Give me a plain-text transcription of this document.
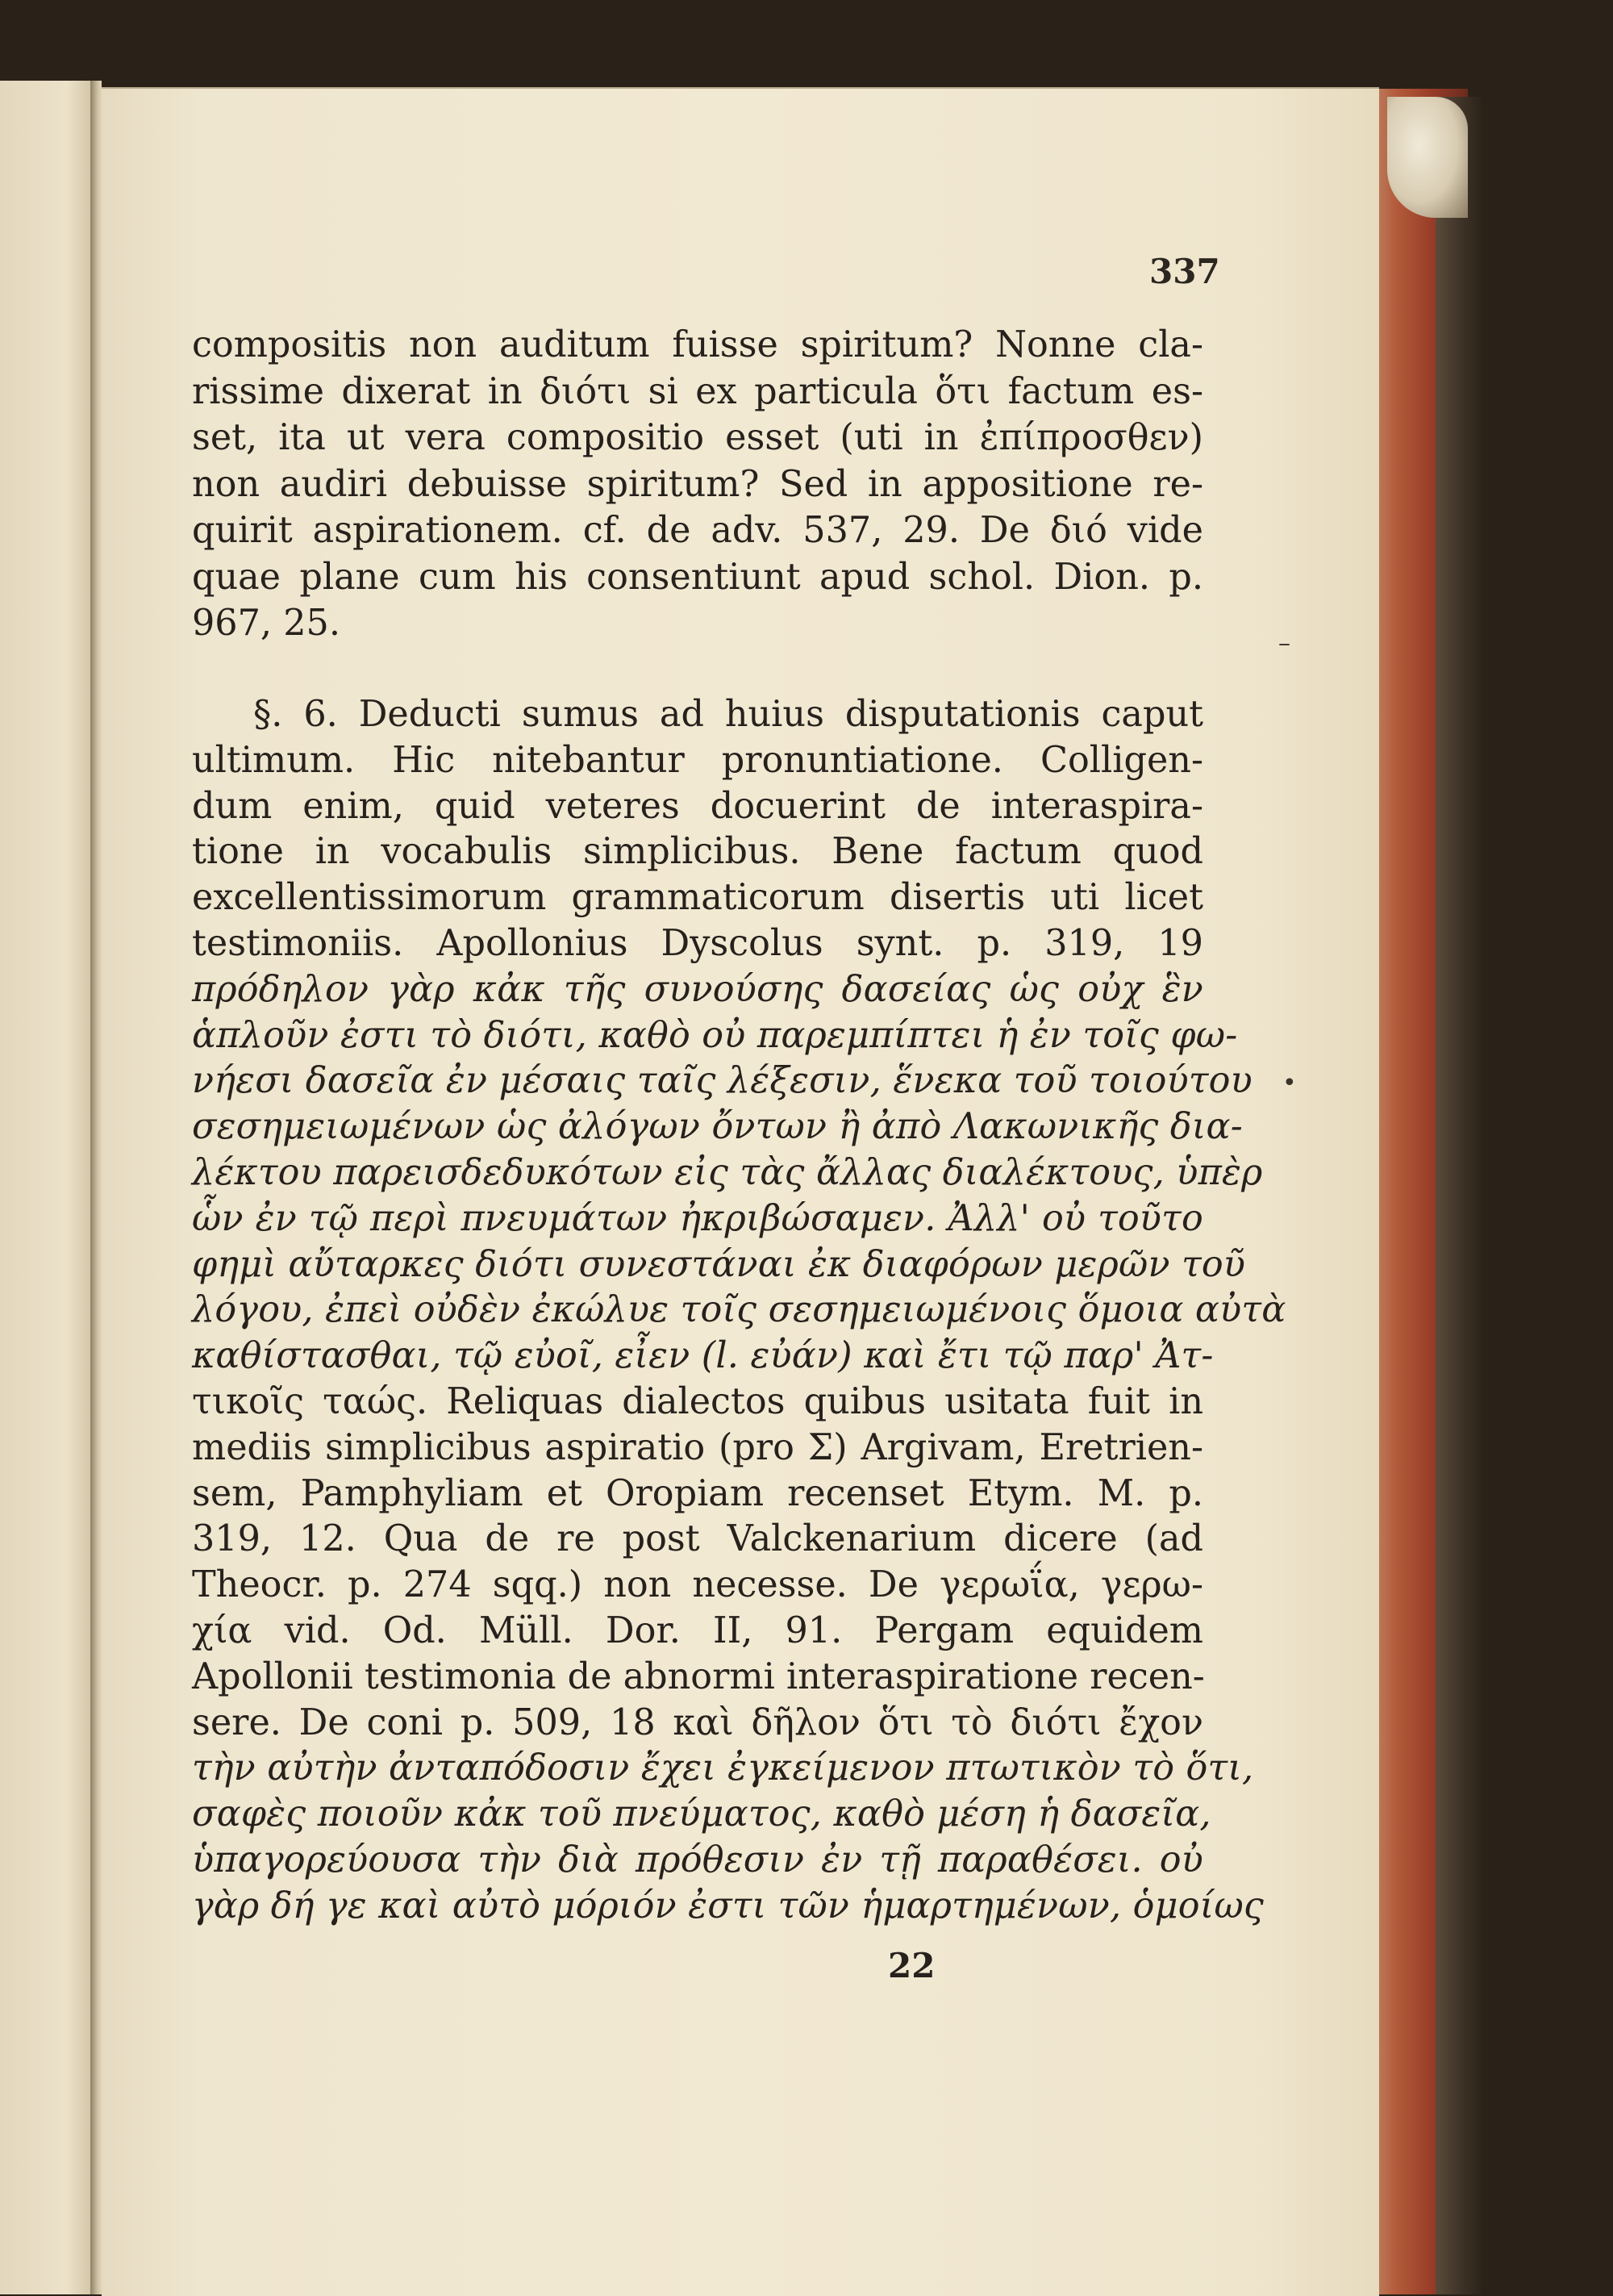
337
compositis non auditum fuisse spiritum? Nonne cla-
rissime dixerat in διότι si ex particula ὅτι factum es-
set, ita ut vera compositio esset (uti in ἐπίπροσθεν)
non audiri debuisse spiritum? Sed in appositione re-
quirit aspirationem. cf. de adv. 537, 29. De διό vide
quae plane cum his consentiunt apud schol. Dion. p.
967, 25.
§. 6. Deducti sumus ad huius disputationis caput
ultimum. Hic nitebantur pronuntiatione. Colligen-
dum enim, quid veteres docuerint de interaspira-
tione in vocabulis simplicibus. Bene factum quod
excellentissimorum grammaticorum disertis uti licet
testimoniis. Apollonius Dyscolus synt. p. 319, 19
πρόδηλον γὰρ κἀκ τῆς συνούσης δασείας ὡς οὐχ ἓν
ἁπλοῦν ἐστι τὸ διότι, καθὸ οὐ παρεμπίπτει ἡ ἐν τοῖς φω-
νήεσι δασεῖα ἐν μέσαις ταῖς λέξεσιν, ἕνεκα τοῦ τοιούτου
σεσημειωμένων ὡς ἀλόγων ὄντων ἢ ἀπὸ Λακωνικῆς δια-
λέκτου παρεισδεδυκότων εἰς τὰς ἄλλας διαλέκτους, ὑπὲρ
ὧν ἐν τῷ περὶ πνευμάτων ἠκριβώσαμεν. Ἀλλ' οὐ τοῦτο
φημὶ αὔταρκες διότι συνεστάναι ἐκ διαφόρων μερῶν τοῦ
λόγου, ἐπεὶ οὐδὲν ἐκώλυε τοῖς σεσημειωμένοις ὅμοια αὐτὰ
καθίστασθαι, τῷ εὐοῖ, εἶεν (l. εὐάν) καὶ ἔτι τῷ παρ' Ἀτ-
τικοῖς ταώς. Reliquas dialectos quibus usitata fuit in
mediis simplicibus aspiratio (pro Σ) Argivam, Eretrien-
sem, Pamphyliam et Oropiam recenset Etym. M. p.
319, 12. Qua de re post Valckenarium dicere (ad
Theocr. p. 274 sqq.) non necesse. De γερωΐα, γερω-
χία vid. Od. Müll. Dor. II, 91. Pergam equidem
Apollonii testimonia de abnormi interaspiratione recen-
sere. De coni p. 509, 18 καὶ δῆλον ὅτι τὸ διότι ἔχον
τὴν αὐτὴν ἀνταπόδοσιν ἔχει ἐγκείμενον πτωτικὸν τὸ ὅτι,
σαφὲς ποιοῦν κἀκ τοῦ πνεύματος, καθὸ μέση ἡ δασεῖα,
ὑπαγορεύουσα τὴν διὰ πρόθεσιν ἐν τῇ παραθέσει. οὐ
γὰρ δή γε καὶ αὐτὸ μόριόν ἐστι τῶν ἡμαρτημένων, ὁμοίως
•
–
22
